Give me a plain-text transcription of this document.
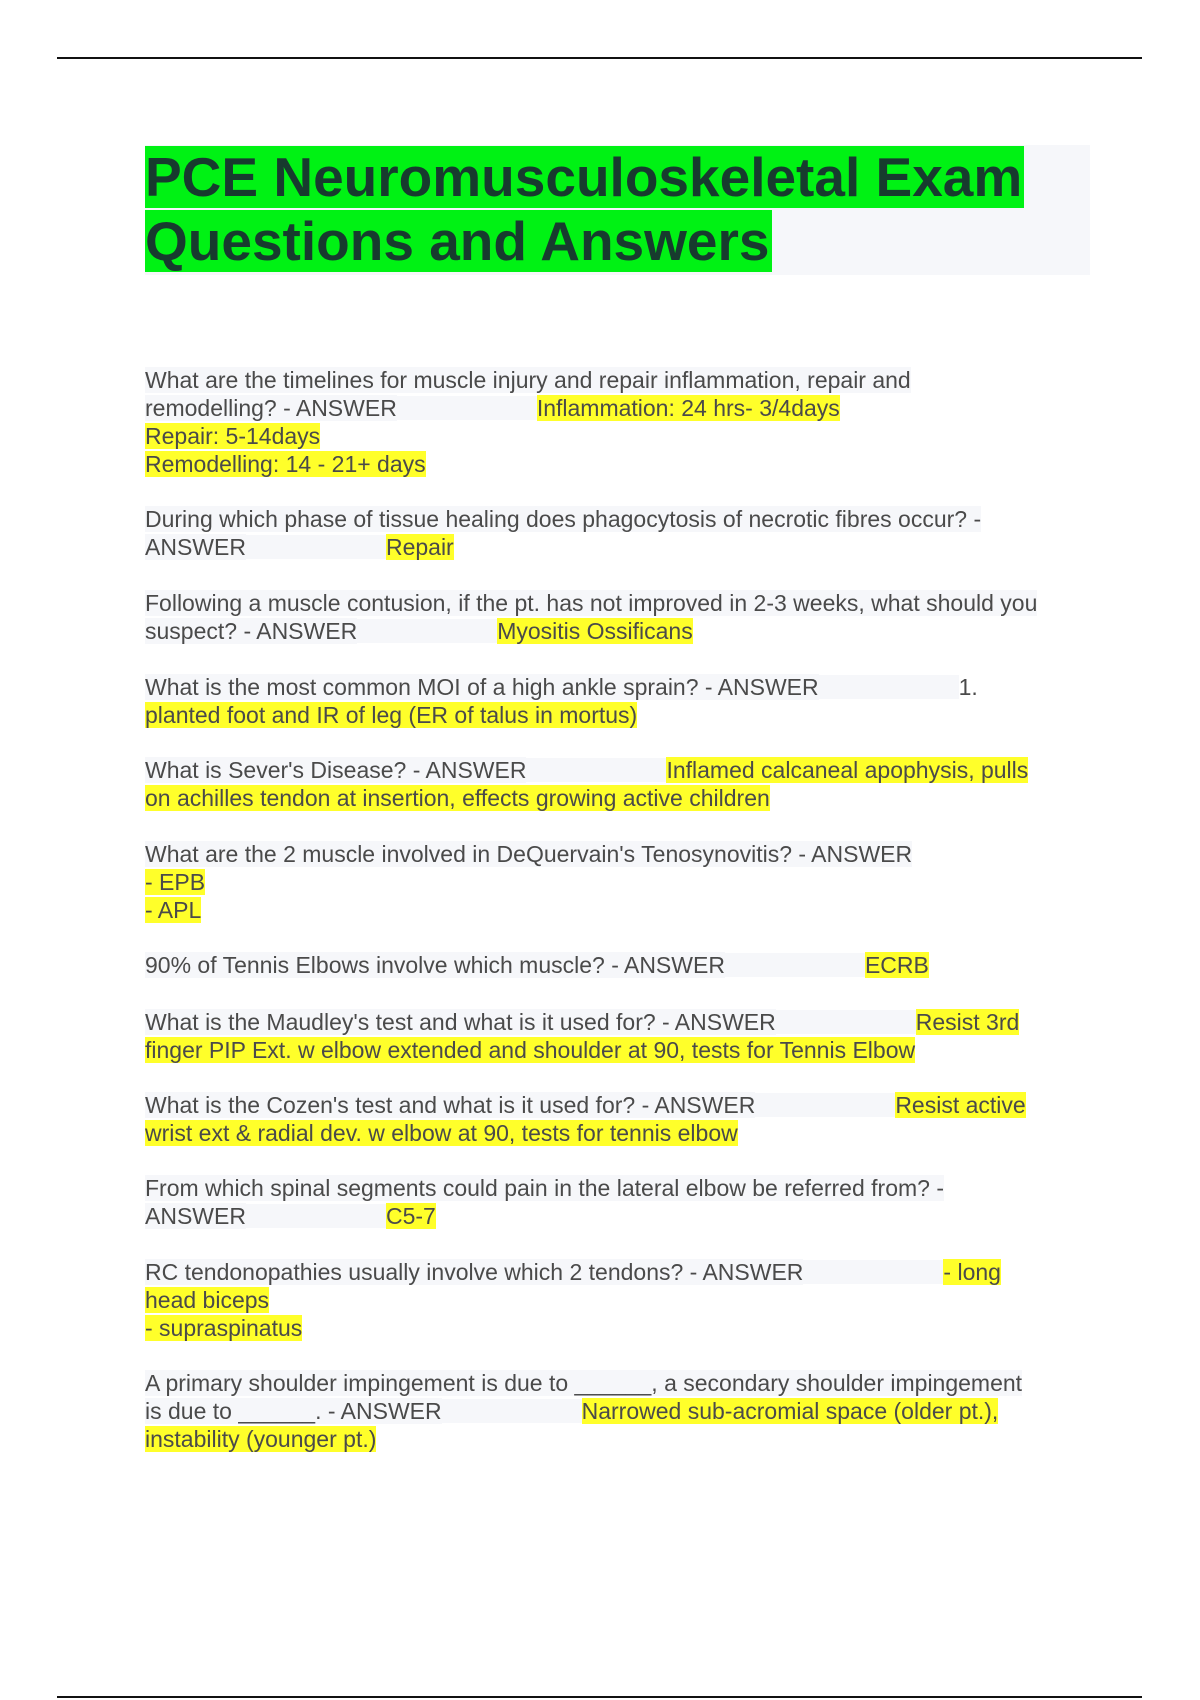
PCE Neuromusculoskeletal Exam
Questions and Answers
What are the timelines for muscle injury and repair inflammation, repair and
remodelling? - ANSWER	Inflammation: 24 hrs- 3/4days
Repair: 5-14days
Remodelling: 14 - 21+ days
During which phase of tissue healing does phagocytosis of necrotic fibres occur? -
ANSWER	Repair
Following a muscle contusion, if the pt. has not improved in 2-3 weeks, what should you
suspect? - ANSWER	Myositis Ossificans
What is the most common MOI of a high ankle sprain? - ANSWER	1.
planted foot and IR of leg (ER of talus in mortus)
What is Sever's Disease? - ANSWER	Inflamed calcaneal apophysis, pulls
on achilles tendon at insertion, effects growing active children
What are the 2 muscle involved in DeQuervain's Tenosynovitis? - ANSWER
- EPB
- APL
90% of Tennis Elbows involve which muscle? - ANSWER	ECRB
What is the Maudley's test and what is it used for? - ANSWER	Resist 3rd
finger PIP Ext. w elbow extended and shoulder at 90, tests for Tennis Elbow
What is the Cozen's test and what is it used for? - ANSWER	Resist active
wrist ext & radial dev. w elbow at 90, tests for tennis elbow
From which spinal segments could pain in the lateral elbow be referred from? -
ANSWER	C5-7
RC tendonopathies usually involve which 2 tendons? - ANSWER	- long
head biceps
- supraspinatus
A primary shoulder impingement is due to ______, a secondary shoulder impingement
is due to ______. - ANSWER	Narrowed sub-acromial space (older pt.),
instability (younger pt.)
